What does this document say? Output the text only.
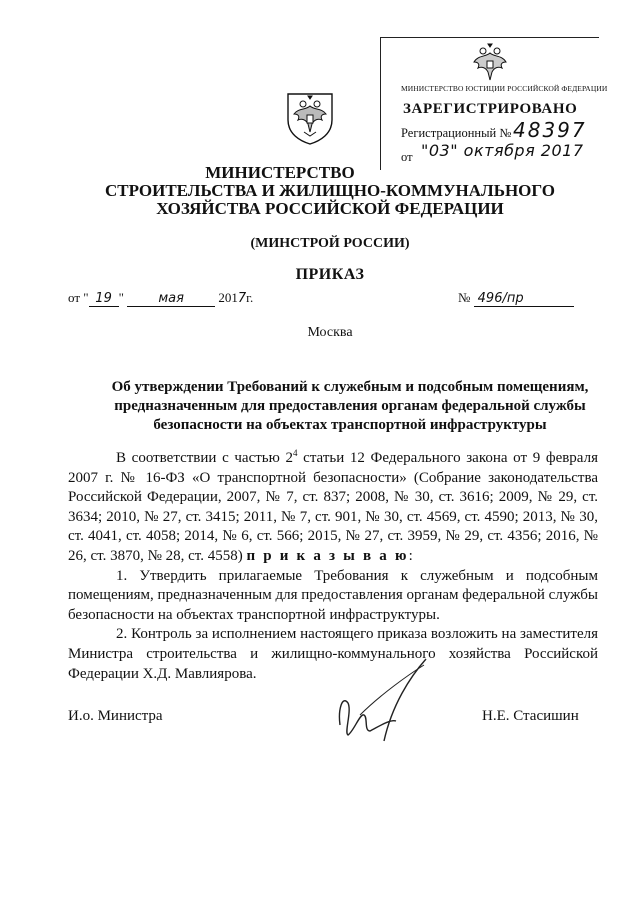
МИНИСТЕРСТВО ЮСТИЦИИ РОССИЙСКОЙ ФЕДЕРАЦИИ
ЗАРЕГИСТРИРОВАНО
Регистрационный № 48397
от "03" октября 2017
МИНИСТЕРСТВО
СТРОИТЕЛЬСТВА И ЖИЛИЩНО-КОММУНАЛЬНОГО
ХОЗЯЙСТВА РОССИЙСКОЙ ФЕДЕРАЦИИ
(МИНСТРОЙ РОССИИ)
ПРИКАЗ
от " 19 "	мая	2017г.	№ 496/пр
Москва
Об утверждении Требований к служебным и подсобным помещениям, предназначенным для предоставления органам федеральной службы безопасности на объектах транспортной инфраструктуры

В соответствии с частью $2^4$ статьи 12 Федерального закона от 9 февраля 2007 г. № 16-ФЗ «О транспортной безопасности» (Собрание законодательства Российской Федерации, 2007, № 7, ст. 837; 2008, № 30, ст. 3616; 2009, № 29, ст. 3634; 2010, № 27, ст. 3415; 2011, № 7, ст. 901, № 30, ст. 4569, ст. 4590; 2013, № 30, ст. 4041, ст. 4058; 2014, № 6, ст. 566; 2015, № 27, ст. 3959, № 29, ст. 4356; 2016, № 26, ст. 3870, № 28, ст. 4558) п р и к а з ы в а ю:

1. Утвердить прилагаемые Требования к служебным и подсобным помещениям, предназначенным для предоставления органам федеральной службы безопасности на объектах транспортной инфраструктуры.

2. Контроль за исполнением настоящего приказа возложить на заместителя Министра строительства и жилищно-коммунального хозяйства Российской Федерации Х.Д. Мавлиярова.

И.о. Министра	Н.Е. Стасишин
